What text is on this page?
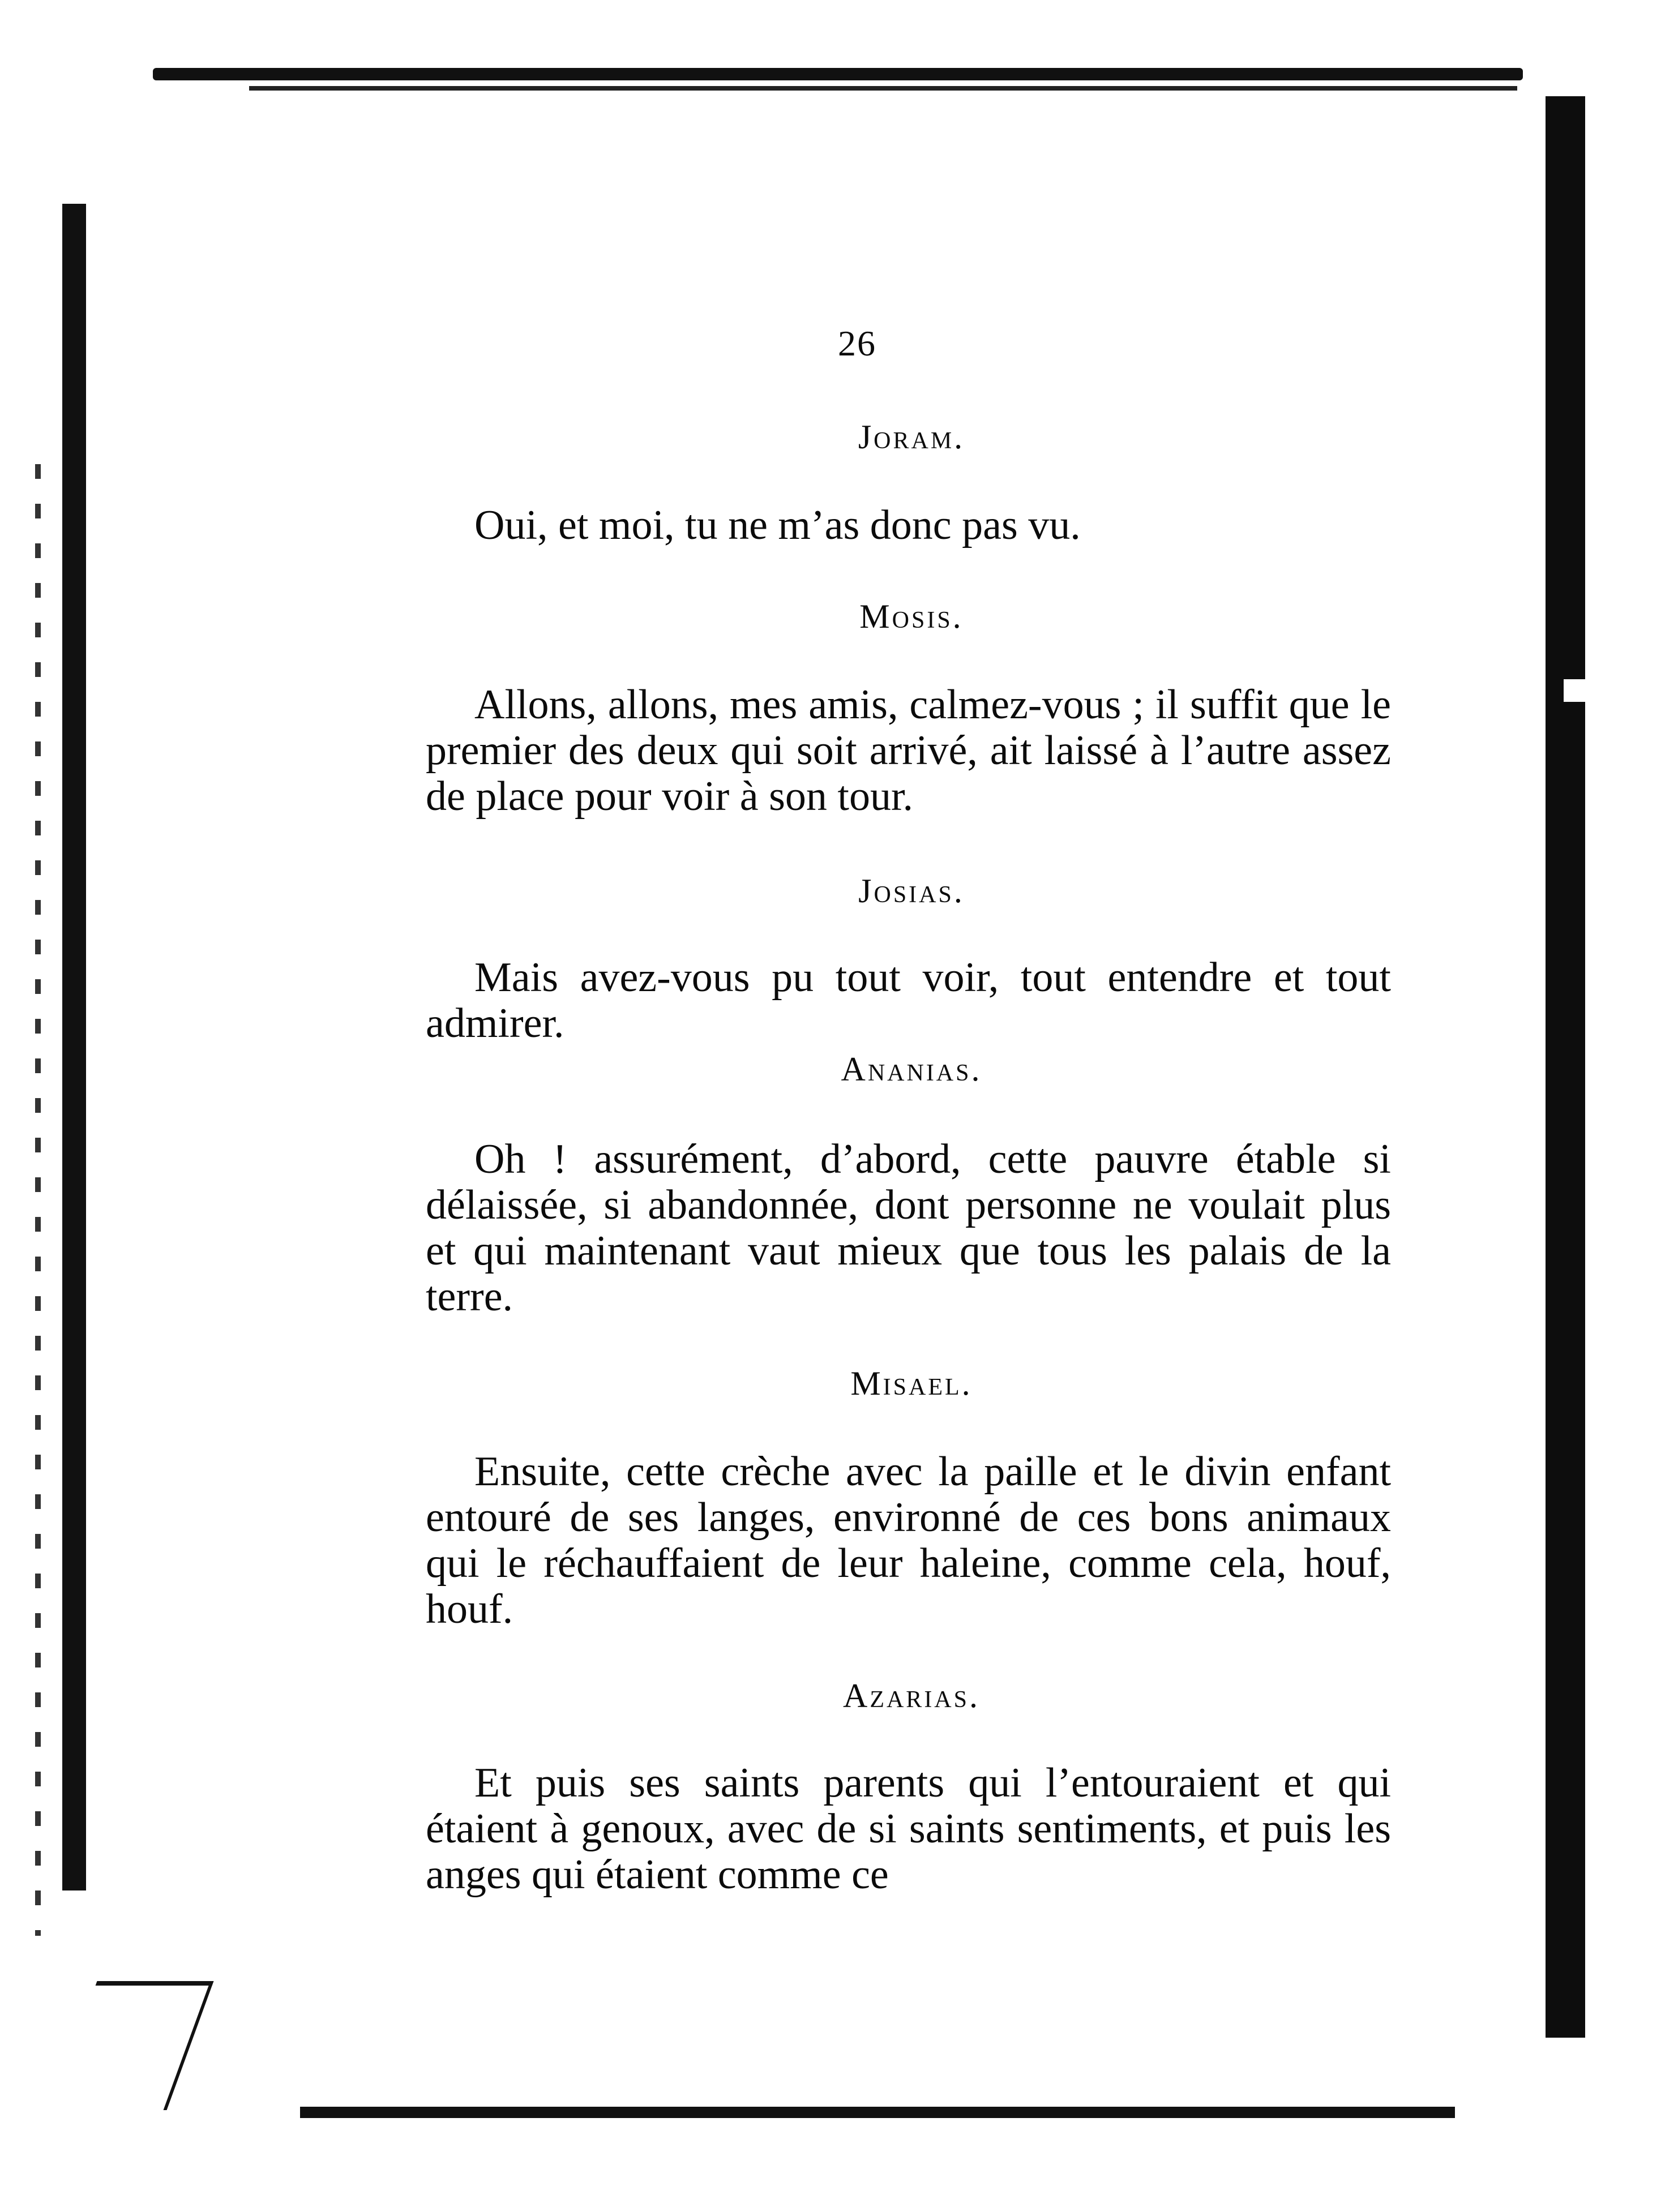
26
Joram.
Oui, et moi, tu ne m’as donc pas vu.
Mosis.
Allons, allons, mes amis, calmez-vous ; il suffit que le premier des deux qui soit arrivé, ait laissé à l’autre assez de place pour voir à son tour.
Josias.
Mais avez-vous pu tout voir, tout entendre et tout admirer.
Ananias.
Oh ! assurément, d’abord, cette pauvre étable si délaissée, si abandonnée, dont personne ne voulait plus et qui maintenant vaut mieux que tous les palais de la terre.
Misael.
Ensuite, cette crèche avec la paille et le divin enfant entouré de ses langes, environné de ces bons animaux qui le réchauffaient de leur haleine, comme cela, houf, houf.
Azarias.
Et puis ses saints parents qui l’entouraient et qui étaient à genoux, avec de si saints sentiments, et puis les anges qui étaient comme ce
